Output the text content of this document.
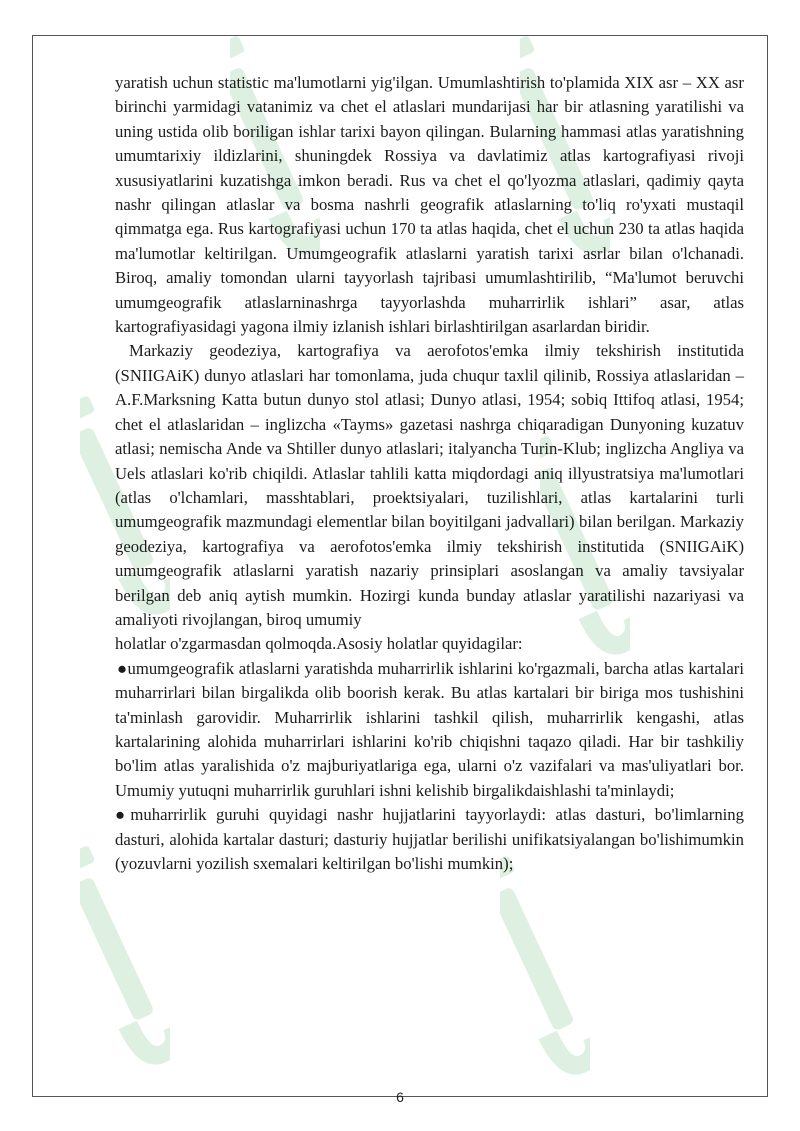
yaratish uchun statistic ma'lumotlarni yig'ilgan. Umumlashtirish to'plamida XIX asr – XX asr birinchi yarmidagi vatanimiz va chet el atlaslari mundarijasi har bir atlasning yaratilishi va uning ustida olib boriligan ishlar tarixi bayon qilingan. Bularning hammasi atlas yaratishning umumtarixiy ildizlarini, shuningdek Rossiya va davlatimiz atlas kartografiyasi rivoji xususiyatlarini kuzatishga imkon beradi. Rus va chet el qo'lyozma atlaslari, qadimiy qayta nashr qilingan atlaslar va bosma nashrli geografik atlaslarning to'liq ro'yxati mustaqil qimmatga ega. Rus kartografiyasi uchun 170 ta atlas haqida, chet el uchun 230 ta atlas haqida ma'lumotlar keltirilgan. Umumgeografik atlaslarni yaratish tarixi asrlar bilan o'lchanadi. Biroq, amaliy tomondan ularni tayyorlash tajribasi umumlashtirilib, “Ma'lumot beruvchi umumgeografik atlaslarninashrga tayyorlashda muharrirlik ishlari” asar, atlas kartografiyasidagi yagona ilmiy izlanish ishlari birlashtirilgan asarlardan biridir.

Markaziy geodeziya, kartografiya va aerofotos'emka ilmiy tekshirish institutida (SNIIGAiK) dunyo atlaslari har tomonlama, juda chuqur taxlil qilinib, Rossiya atlaslaridan – A.F.Marksning Katta butun dunyo stol atlasi; Dunyo atlasi, 1954; sobiq Ittifoq atlasi, 1954; chet el atlaslaridan – inglizcha «Tayms» gazetasi nashrga chiqaradigan Dunyoning kuzatuv atlasi; nemischa Ande va Shtiller dunyo atlaslari; italyancha Turin-Klub; inglizcha Angliya va Uels atlaslari ko'rib chiqildi. Atlaslar tahlili katta miqdordagi aniq illyustratsiya ma'lumotlari (atlas o'lchamlari, masshtablari, proektsiyalari, tuzilishlari, atlas kartalarini turli umumgeografik mazmundagi elementlar bilan boyitilgani jadvallari) bilan berilgan. Markaziy geodeziya, kartografiya va aerofotos'emka ilmiy tekshirish institutida (SNIIGAiK) umumgeografik atlaslarni yaratish nazariy prinsiplari asoslangan va amaliy tavsiyalar berilgan deb aniq aytish mumkin. Hozirgi kunda bunday atlaslar yaratilishi nazariyasi va amaliyoti rivojlangan, biroq umumiy

holatlar o'zgarmasdan qolmoqda.Asosiy holatlar quyidagilar:

●umumgeografik atlaslarni yaratishda muharrirlik ishlarini ko'rgazmali, barcha atlas kartalari muharrirlari bilan birgalikda olib boorish kerak. Bu atlas kartalari bir biriga mos tushishini ta'minlash garovidir. Muharrirlik ishlarini tashkil qilish, muharrirlik kengashi, atlas kartalarining alohida muharrirlari ishlarini ko'rib chiqishni taqazo qiladi. Har bir tashkiliy bo'lim atlas yaralishida o'z majburiyatlariga ega, ularni o'z vazifalari va mas'uliyatlari bor. Umumiy yutuqni muharrirlik guruhlari ishni kelishib birgalikdaishlashi ta'minlaydi;

●muharrirlik guruhi quyidagi nashr hujjatlarini tayyorlaydi: atlas dasturi, bo'limlarning dasturi, alohida kartalar dasturi; dasturiy hujjatlar berilishi unifikatsiyalangan bo'lishimumkin (yozuvlarni yozilish sxemalari keltirilgan bo'lishi mumkin);

6
